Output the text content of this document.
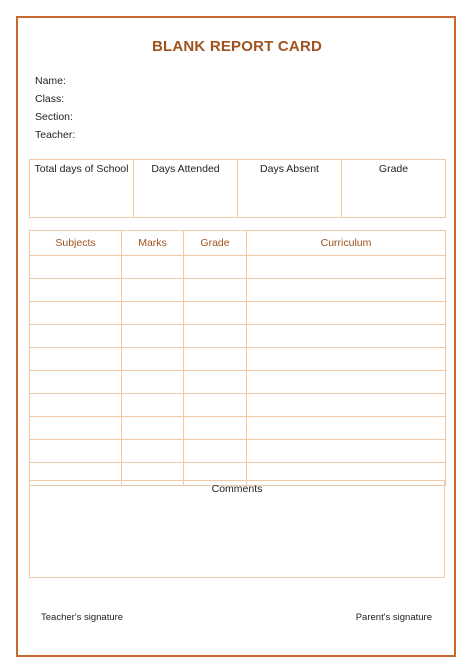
BLANK REPORT CARD
Name:
Class:
Section:
Teacher:
Total days of School	Days Attended	Days Absent	Grade
Subjects	Marks	Grade	Curriculum

Comments
Teacher's signature	Parent's signature
